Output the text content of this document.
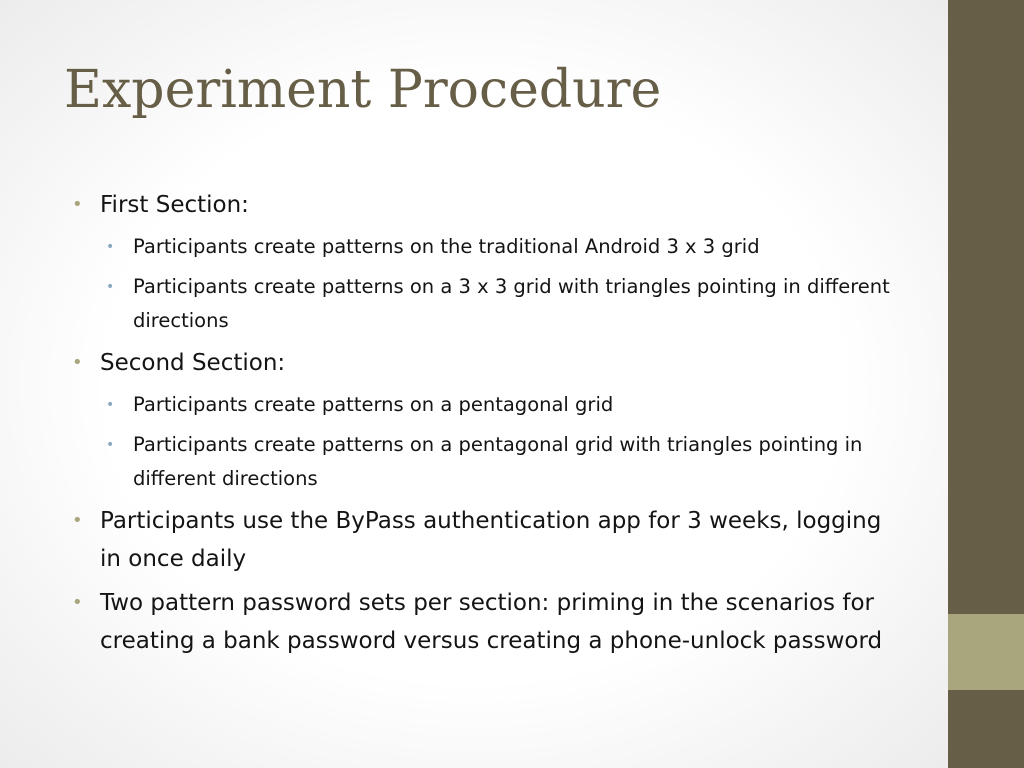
Experiment Procedure
• First Section:
• Participants create patterns on the traditional Android 3 x 3 grid
• Participants create patterns on a 3 x 3 grid with triangles pointing in different directions
• Second Section:
• Participants create patterns on a pentagonal grid
• Participants create patterns on a pentagonal grid with triangles pointing in different directions
• Participants use the ByPass authentication app for 3 weeks, logging in once daily
• Two pattern password sets per section: priming in the scenarios for creating a bank password versus creating a phone-unlock password
